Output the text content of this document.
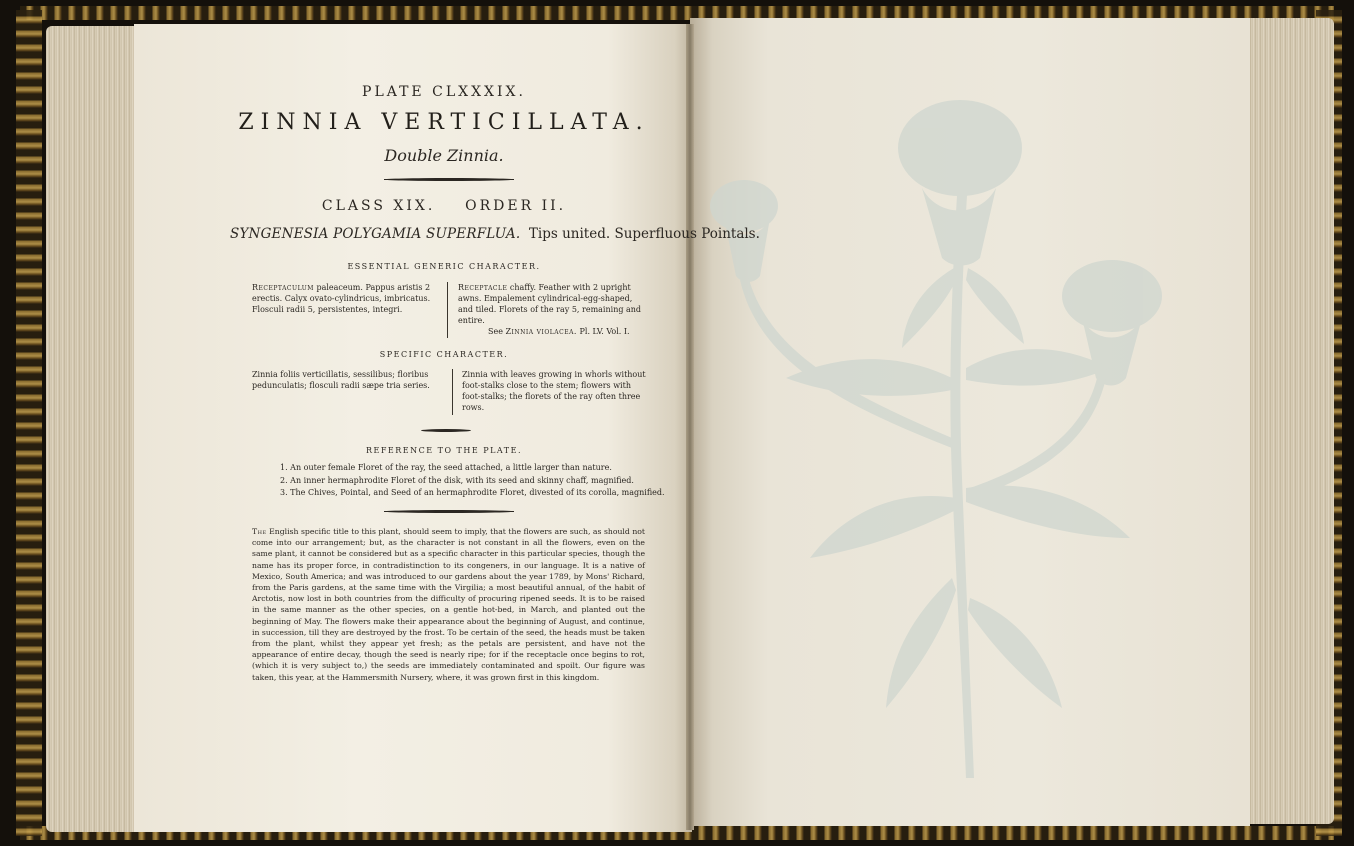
PLATE CLXXXIX.
ZINNIA VERTICILLATA.
Double Zinnia.
CLASS XIX. ORDER II.
SYNGENESIA POLYGAMIA SUPERFLUA. Tips united. Superfluous Pointals.
ESSENTIAL GENERIC CHARACTER.
Receptaculum paleaceum. Pappus aristis 2 erectis. Calyx ovato-cylindricus, imbricatus. Flosculi radii 5, persistentes, integri.
Receptacle chaffy. Feather with 2 upright awns. Empalement cylindrical-egg-shaped, and tiled. Florets of the ray 5, remaining and entire.
See Zinnia violacea. Pl. LV. Vol. I.
SPECIFIC CHARACTER.
Zinnia foliis verticillatis, sessilibus; floribus pedunculatis; flosculi radii sæpe tria series.
Zinnia with leaves growing in whorls without foot-stalks close to the stem; flowers with foot-stalks; the florets of the ray often three rows.
REFERENCE TO THE PLATE.
1. An outer female Floret of the ray, the seed attached, a little larger than nature.
2. An inner hermaphrodite Floret of the disk, with its seed and skinny chaff, magnified.
3. The Chives, Pointal, and Seed of an hermaphrodite Floret, divested of its corolla, magnified.
The English specific title to this plant, should seem to imply, that the flowers are such, as should not come into our arrangement; but, as the character is not constant in all the flowers, even on the same plant, it cannot be considered but as a specific character in this particular species, though the name has its proper force, in contradistinction to its congeners, in our language. It is a native of Mexico, South America; and was introduced to our gardens about the year 1789, by Mons' Richard, from the Paris gardens, at the same time with the Virgilia; a most beautiful annual, of the habit of Arctotis, now lost in both countries from the difficulty of procuring ripened seeds. It is to be raised in the same manner as the other species, on a gentle hot-bed, in March, and planted out the beginning of May. The flowers make their appearance about the beginning of August, and continue, in succession, till they are destroyed by the frost. To be certain of the seed, the heads must be taken from the plant, whilst they appear yet fresh; as the petals are persistent, and have not the appearance of entire decay, though the seed is nearly ripe; for if the receptacle once begins to rot, (which it is very subject to,) the seeds are immediately contaminated and spoilt. Our figure was taken, this year, at the Hammersmith Nursery, where, it was grown first in this kingdom.
